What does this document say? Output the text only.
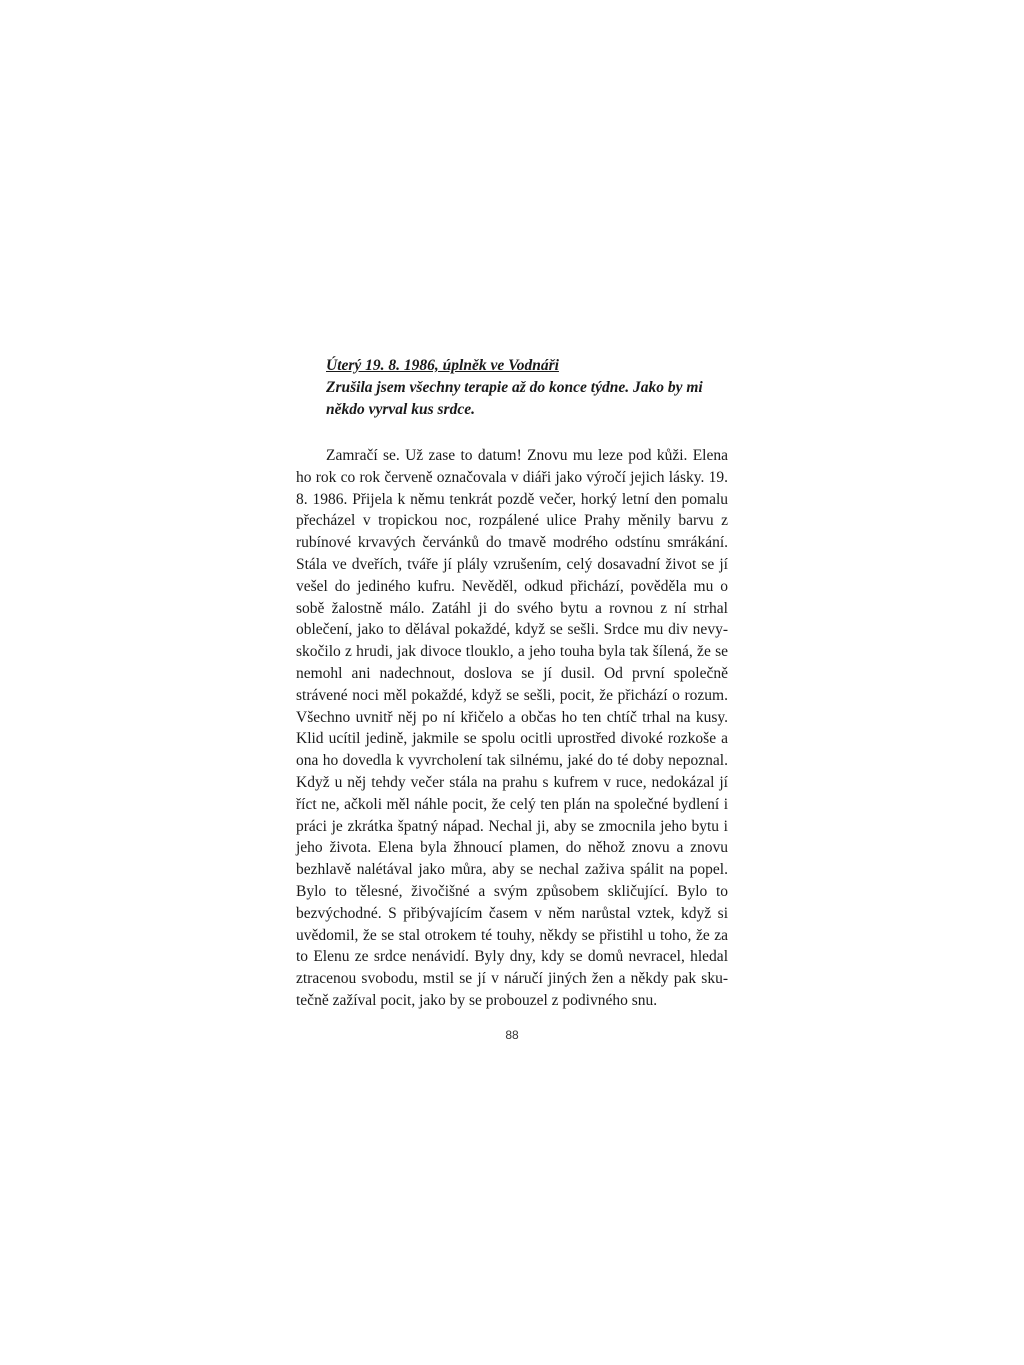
Úterý 19. 8. 1986, úplněk ve Vodnáři
Zrušila jsem všechny terapie až do konce týdne. Jako by mi
někdo vyrval kus srdce.

Zamračí se. Už zase to datum! Znovu mu leze pod kůži. Elena ho rok co rok červeně označovala v diáři jako výročí jejich lásky. 19. 8. 1986. Přijela k němu tenkrát pozdě večer, horký letní den pomalu přecházel v tropickou noc, rozpálené ulice Prahy měnily barvu z rubínové krvavých červánků do tmavě modrého odstínu smrákání. Stála ve dveřích, tváře jí plály vzrušením, celý dosavadní život se jí vešel do jediného kufru. Nevěděl, odkud přichází, pověděla mu o sobě žalostně málo. Zatáhl ji do svého bytu a rovnou z ní strhal oblečení, jako to dělával pokaždé, když se sešli. Srdce mu div nevyskočilo z hrudi, jak divoce tlouklo, a jeho touha byla tak šílená, že se nemohl ani nadechnout, doslova se jí dusil. Od první společně strávené noci měl pokaždé, když se sešli, pocit, že přichází o rozum. Všechno uvnitř něj po ní křičelo a občas ho ten chtíč trhal na kusy. Klid ucítil jedině, jakmile se spolu ocitli uprostřed divoké rozkoše a ona ho dovedla k vyvrcholení tak silnému, jaké do té doby nepoznal. Když u něj tehdy večer stála na prahu s kufrem v ruce, nedokázal jí říct ne, ačkoli měl náhle pocit, že celý ten plán na společné bydlení i práci je zkrátka špatný nápad. Nechal ji, aby se zmocnila jeho bytu i jeho života. Elena byla žhnoucí plamen, do něhož znovu a znovu bezhlavě nalétával jako můra, aby se nechal zaživa spálit na popel. Bylo to tělesné, živočišné a svým způsobem skličující. Bylo to bezvýchodné. S přibývajícím časem v něm narůstal vztek, když si uvědomil, že se stal otrokem té touhy, někdy se přistihl u toho, že za to Elenu ze srdce nenávidí. Byly dny, kdy se domů nevracel, hledal ztracenou svobodu, mstil se jí v náručí jiných žen a někdy pak skutečně zažíval pocit, jako by se probouzel z podivného snu.

88
